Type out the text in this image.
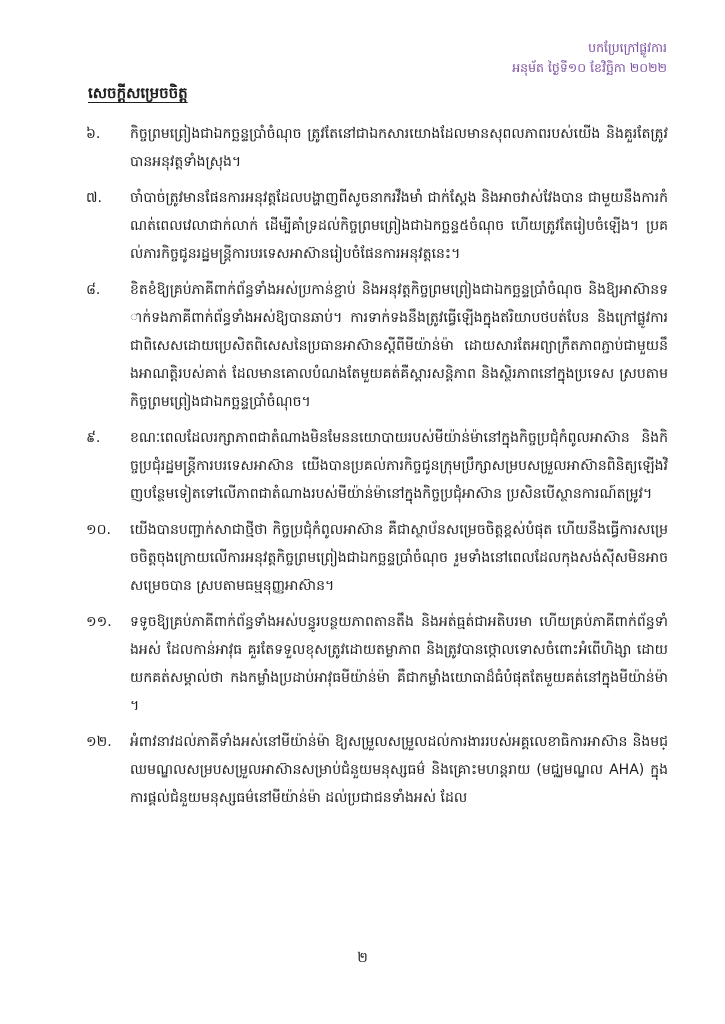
បកប្រែក្រៅផ្លូវការ
អនុម័ត ថ្ងៃទី១០ ខែវិច្ឆិកា ២០២២
សេចក្តីសម្រេចចិត្ត
៦.	កិច្ចព្រមព្រៀងជាឯកច្ឆន្ទប្រាំចំណុច ត្រូវតែនៅជាឯកសារយោងដែលមានសុពលភាពរបស់យើង និងគួរតែត្រូវបានអនុវត្តទាំងស្រុង។
៧.	ចាំបាច់ត្រូវមានផែនការអនុវត្តដែលបង្ហាញពីសូចនាករវឹងមាំ ជាក់ស្តែង និងអាចវាស់វែងបាន ជាមួយនឹងការកំណត់ពេលវេលាជាក់លាក់ ដើម្បីគាំទ្រដល់កិច្ចព្រមព្រៀងជាឯកច្ឆន្ទ៥ចំណុច ហើយត្រូវតែរៀបចំឡើង។ ប្រគល់ភារកិច្ចជូនរដ្ឋមន្ត្រីការបរទេសអាស៊ានរៀបចំផែនការអនុវត្តនេះ។
៨.	ខិតខំឱ្យគ្រប់ភាគីពាក់ព័ន្ធទាំងអស់ប្រកាន់ខ្ជាប់ និងអនុវត្តកិច្ចព្រមព្រៀងជាឯកច្ឆន្ទប្រាំចំណុច និងឱ្យអាស៊ានទាក់ទងភាគីពាក់ព័ន្ធទាំងអស់ឱ្យបានឆាប់។ ការទាក់ទងនឹងត្រូវធ្វើឡើងក្នុងឥរិយាបថបត់បែន និងក្រៅផ្លូវការ ជាពិសេសដោយប្រេសិតពិសេសនៃប្រធានអាស៊ានស្តីពីមីយ៉ាន់ម៉ា ដោយសារតែអព្យាក្រឹតភាពភ្ជាប់ជាមួយនឹងអាណត្តិរបស់គាត់ ដែលមានគោលបំណងតែមួយគត់គឺស្តារសន្តិភាព និងស្ថិរភាពនៅក្នុងប្រទេស ស្របតាមកិច្ចព្រមព្រៀងជាឯកច្ឆន្ទប្រាំចំណុច។
៩.	ខណៈពេលដែលរក្សាភាពជាតំណាងមិនមែននយោបាយរបស់មីយ៉ាន់ម៉ានៅក្នុងកិច្ចប្រជុំកំពូលអាស៊ាន និងកិច្ចប្រជុំរដ្ឋមន្ត្រីការបរទេសអាស៊ាន យើងបានប្រគល់ភារកិច្ចជូនក្រុមប្រឹក្សាសម្របសម្រួលអាស៊ានពិនិត្យឡើងវិញបន្ថែមទៀតទៅលើភាពជាតំណាងរបស់មីយ៉ាន់ម៉ានៅក្នុងកិច្ចប្រជុំអាស៊ាន ប្រសិនបើស្ថានការណ៍តម្រូវ។
១០.	យើងបានបញ្ជាក់សាជាថ្មីថា កិច្ចប្រជុំកំពូលអាស៊ាន គឺជាស្ថាប័នសម្រេចចិត្តខ្ពស់បំផុត ហើយនឹងធ្វើការសម្រេចចិត្តចុងក្រោយលើការអនុវត្តកិច្ចព្រមព្រៀងជាឯកច្ឆន្ទប្រាំចំណុច រួមទាំងនៅពេលដែលកុងសង់ស៊ីសមិនអាចសម្រេចបាន ស្របតាមធម្មនុញ្ញអាស៊ាន។
១១.	ទទូចឱ្យគ្រប់ភាគីពាក់ព័ន្ធទាំងអស់បន្ធូរបន្ថយភាពតានតឹង និងអត់ធ្មត់ជាអតិបរមា ហើយគ្រប់ភាគីពាក់ព័ន្ធទាំងអស់ ដែលកាន់អាវុធ គួរតែទទួលខុសត្រូវដោយតម្លាភាព និងត្រូវបានថ្កោលទោសចំពោះអំពើហិង្សា ដោយយកគត់សម្គាល់ថា កងកម្លាំងប្រដាប់អាវុធមីយ៉ាន់ម៉ា គឺជាកម្លាំងយោធាដ៏ធំបំផុតតែមួយគត់នៅក្នុងមីយ៉ាន់ម៉ា។
១២.	អំពាវនាវដល់ភាគីទាំងអស់នៅមីយ៉ាន់ម៉ា ឱ្យសម្រួលសម្រួលដល់ការងាររបស់អគ្គលេខាធិការអាស៊ាន និងមជ្ឈមណ្ឌលសម្របសម្រួលអាស៊ានសម្រាប់ជំនួយមនុស្សធម៌ និងគ្រោះមហន្តរាយ (មជ្ឈមណ្ឌល AHA) ក្នុងការផ្តល់ជំនួយមនុស្សធម៌នៅមីយ៉ាន់ម៉ា ដល់ប្រជាជនទាំងអស់ ដែល
២
